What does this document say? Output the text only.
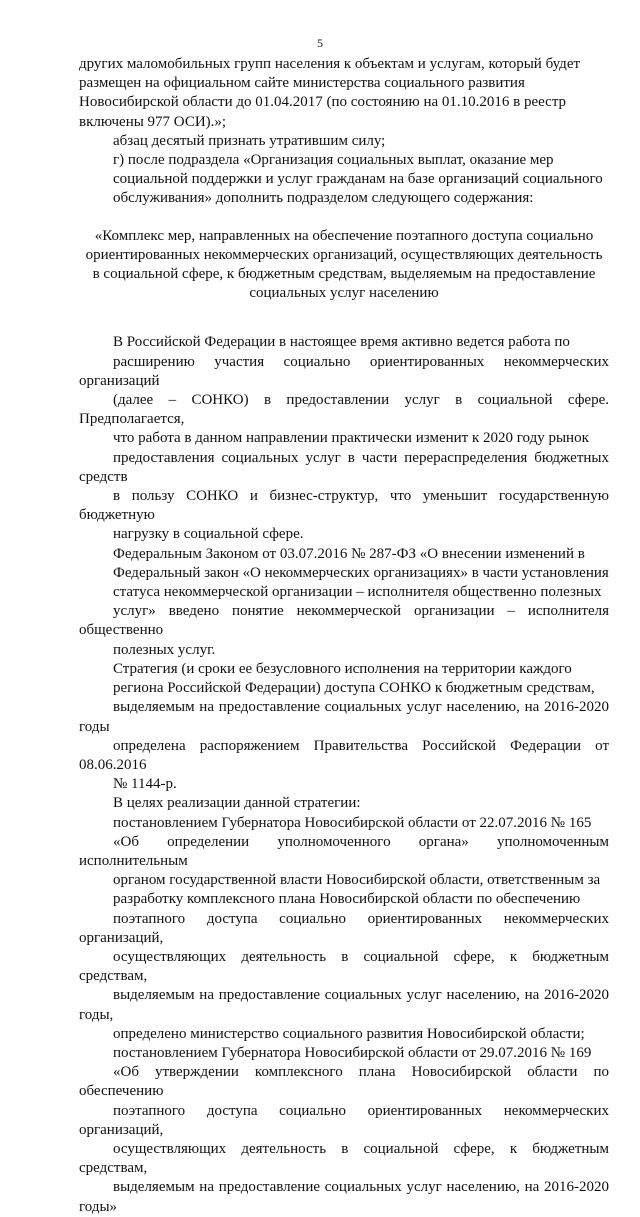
5

других маломобильных групп населения к объектам и услугам, который будет
размещен на официальном сайте министерства социального развития
Новосибирской области до 01.04.2017 (по состоянию на 01.10.2016 в реестр
включены 977 ОСИ).»;

абзац десятый признать утратившим силу;

г) после подраздела «Организация социальных выплат, оказание мер
социальной поддержки и услуг гражданам на базе организаций социального
обслуживания» дополнить подразделом следующего содержания:

«Комплекс мер, направленных на обеспечение поэтапного доступа социально
ориентированных некоммерческих организаций, осуществляющих деятельность
в социальной сфере, к бюджетным средствам, выделяемым на предоставление
социальных услуг населению

В Российской Федерации в настоящее время активно ведется работа по
расширению участия социально ориентированных некоммерческих организаций
(далее – СОНКО) в предоставлении услуг в социальной сфере. Предполагается,
что работа в данном направлении практически изменит к 2020 году рынок
предоставления социальных услуг в части перераспределения бюджетных средств
в пользу СОНКО и бизнес-структур, что уменьшит государственную бюджетную
нагрузку в социальной сфере.

Федеральным Законом от 03.07.2016 № 287-ФЗ «О внесении изменений в
Федеральный закон «О некоммерческих организациях» в части установления
статуса некоммерческой организации – исполнителя общественно полезных
услуг» введено понятие некоммерческой организации – исполнителя общественно
полезных услуг.

Стратегия (и сроки ее безусловного исполнения на территории каждого
региона Российской Федерации) доступа СОНКО к бюджетным средствам,
выделяемым на предоставление социальных услуг населению, на 2016-2020 годы
определена распоряжением Правительства Российской Федерации от 08.06.2016
№ 1144-р.

В целях реализации данной стратегии:

постановлением Губернатора Новосибирской области от 22.07.2016 № 165
«Об определении уполномоченного органа» уполномоченным исполнительным
органом государственной власти Новосибирской области, ответственным за
разработку комплексного плана Новосибирской области по обеспечению
поэтапного доступа социально ориентированных некоммерческих организаций,
осуществляющих деятельность в социальной сфере, к бюджетным средствам,
выделяемым на предоставление социальных услуг населению, на 2016-2020 годы,
определено министерство социального развития Новосибирской области;

постановлением Губернатора Новосибирской области от 29.07.2016 № 169
«Об утверждении комплексного плана Новосибирской области по обеспечению
поэтапного доступа социально ориентированных некоммерческих организаций,
осуществляющих деятельность в социальной сфере, к бюджетным средствам,
выделяемым на предоставление социальных услуг населению, на 2016-2020 годы»
